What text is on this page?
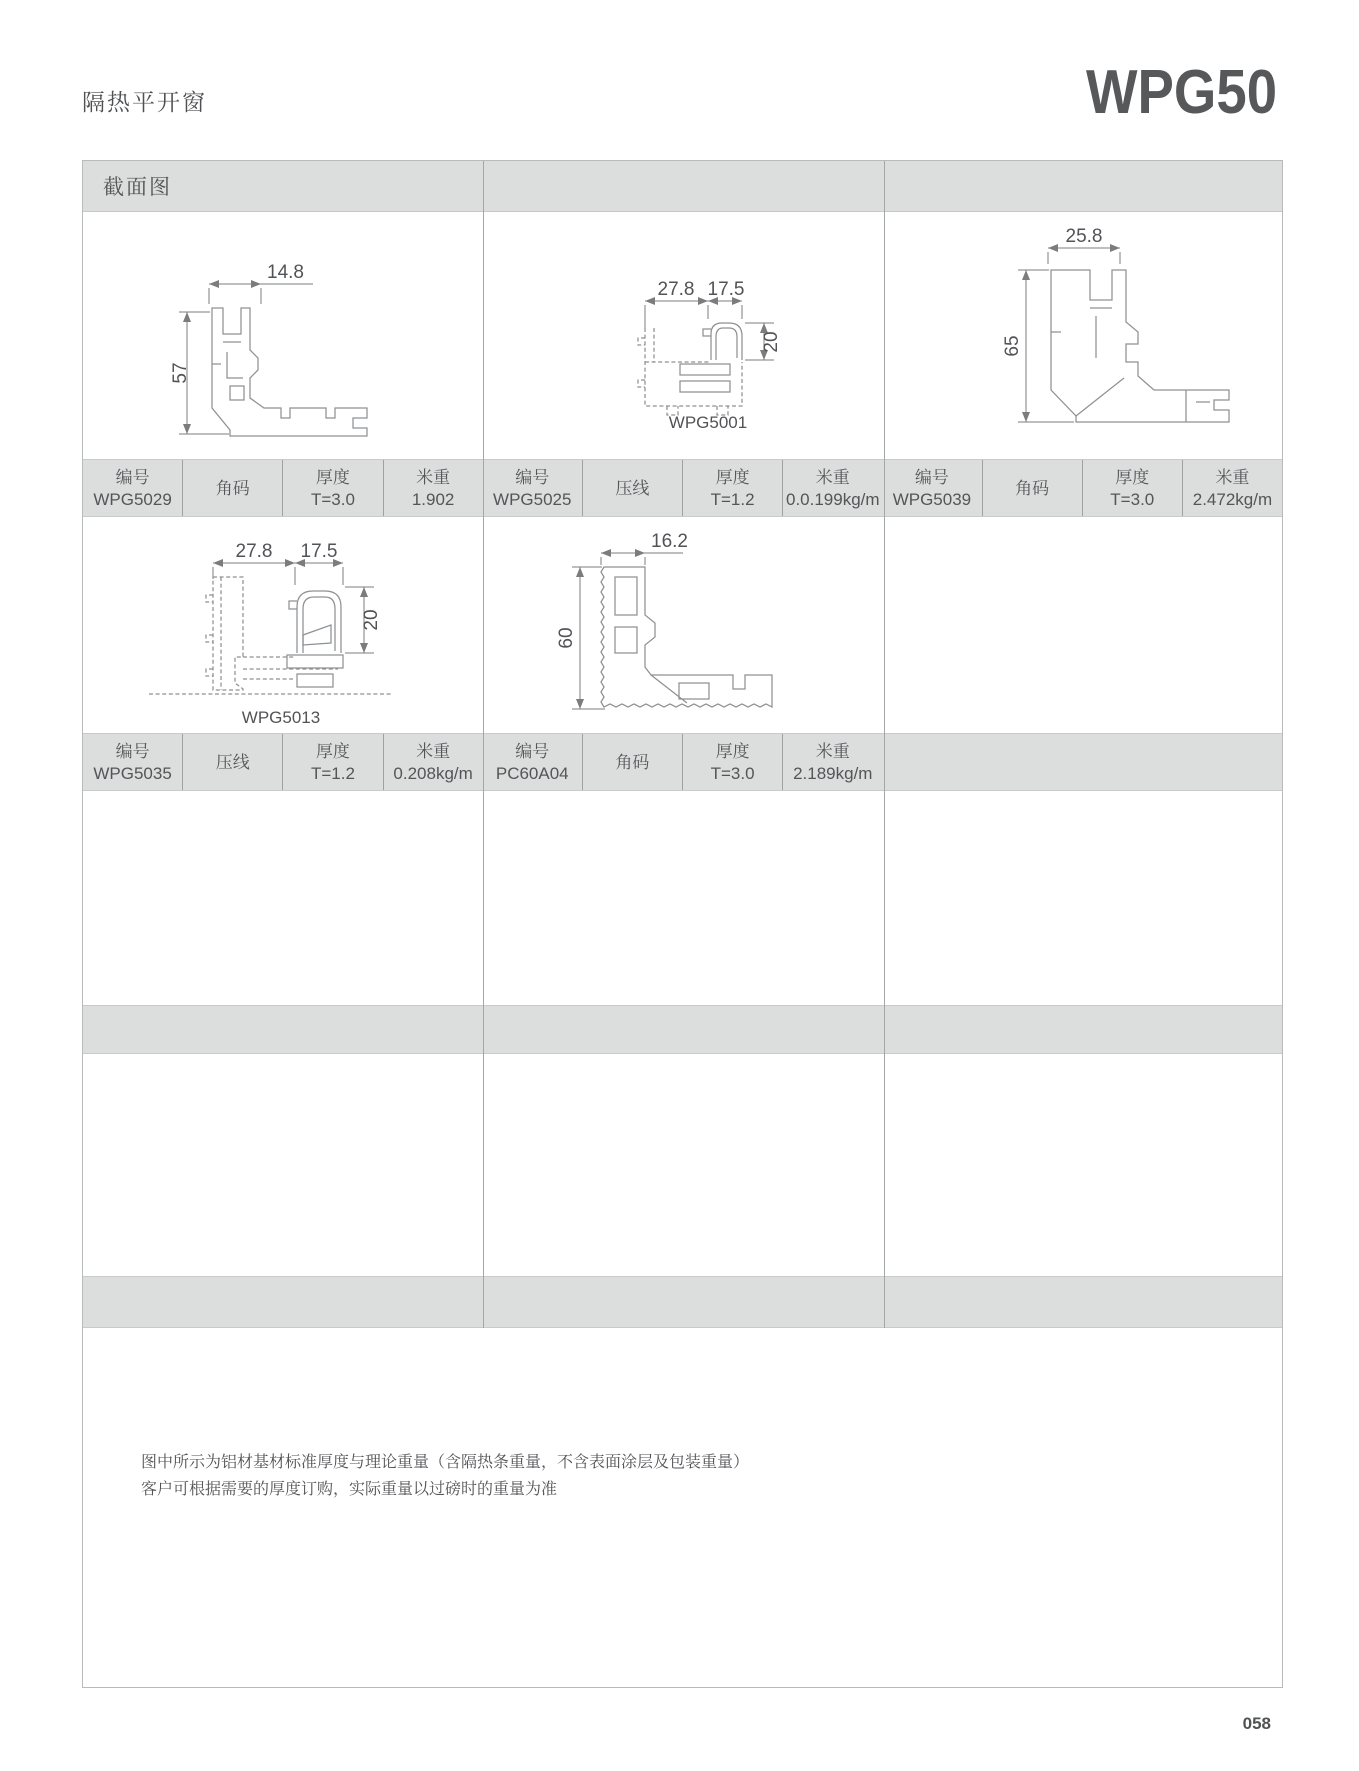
隔热平开窗	WPG50
截面图
14.8
57
27.8 17.5
20
WPG5001
25.8
65
编号
WPG5029
角码
厚度
T=3.0
米重
1.902
编号
WPG5025
压线
厚度
T=1.2
米重
0.0.199kg/m
编号
WPG5039
角码
厚度
T=3.0
米重
2.472kg/m
27.8 17.5
20
WPG5013
16.2
60
编号
WPG5035
压线
厚度
T=1.2
米重
0.208kg/m
编号
PC60A04
角码
厚度
T=3.0
米重
2.189kg/m
图中所示为铝材基材标准厚度与理论重量（含隔热条重量，不含表面涂层及包装重量）
客户可根据需要的厚度订购，实际重量以过磅时的重量为准
058
